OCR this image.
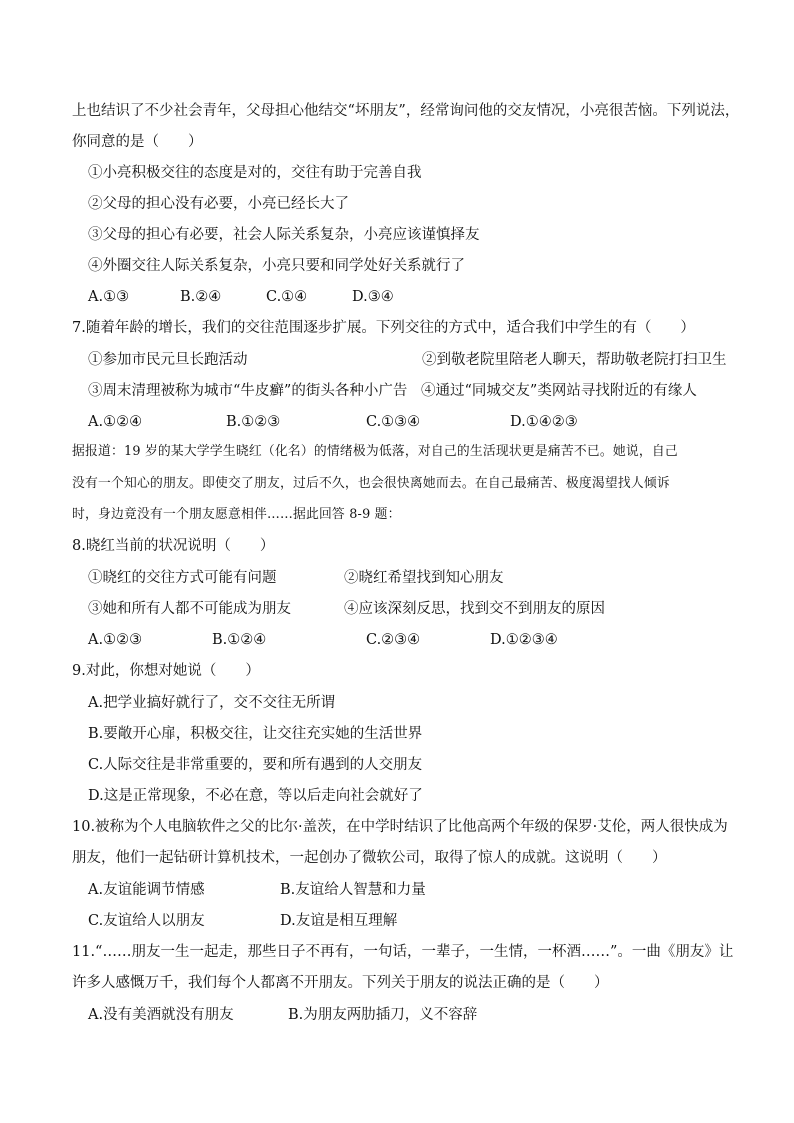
上也结识了不少社会青年，父母担心他结交“坏朋友”，经常询问他的交友情况，小亮很苦恼。下列说法，
你同意的是（　　）
①小亮积极交往的态度是对的，交往有助于完善自我
②父母的担心没有必要，小亮已经长大了
③父母的担心有必要，社会人际关系复杂，小亮应该谨慎择友
④外圈交往人际关系复杂，小亮只要和同学处好关系就行了
A.①③	B.②④	C.①④	D.③④
7.随着年龄的增长，我们的交往范围逐步扩展。下列交往的方式中，适合我们中学生的有（　　）
①参加市民元旦长跑活动	②到敬老院里陪老人聊天，帮助敬老院打扫卫生
③周末清理被称为城市“牛皮癣”的街头各种小广告 ④通过“同城交友”类网站寻找附近的有缘人
A.①②④	B.①②③	C.①③④	D.①④②③
据报道：19 岁的某大学学生晓红（化名）的情绪极为低落，对自己的生活现状更是痛苦不已。她说，自己
没有一个知心的朋友。即使交了朋友，过后不久，也会很快离她而去。在自己最痛苦、极度渴望找人倾诉
时，身边竟没有一个朋友愿意相伴……据此回答 8-9 题：
8.晓红当前的状况说明（　　）
①晓红的交往方式可能有问题	②晓红希望找到知心朋友
③她和所有人都不可能成为朋友	④应该深刻反思，找到交不到朋友的原因
A.①②③	B.①②④	C.②③④	D.①②③④
9.对此，你想对她说（　　）
A.把学业搞好就行了，交不交往无所谓
B.要敞开心扉，积极交往，让交往充实她的生活世界
C.人际交往是非常重要的，要和所有遇到的人交朋友
D.这是正常现象，不必在意，等以后走向社会就好了
10.被称为个人电脑软件之父的比尔·盖茨，在中学时结识了比他高两个年级的保罗·艾伦，两人很快成为
朋友，他们一起钻研计算机技术，一起创办了微软公司，取得了惊人的成就。这说明（　　）
A.友谊能调节情感	B.友谊给人智慧和力量
C.友谊给人以朋友	D.友谊是相互理解
11.“……朋友一生一起走，那些日子不再有，一句话，一辈子，一生情，一杯酒……”。一曲《朋友》让
许多人感慨万千，我们每个人都离不开朋友。下列关于朋友的说法正确的是（　　）
A.没有美酒就没有朋友	B.为朋友两肋插刀，义不容辞
